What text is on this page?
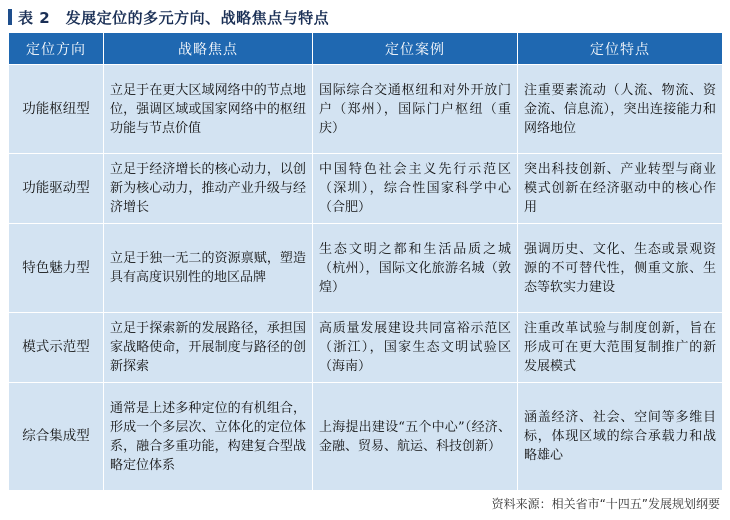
表 2　发展定位的多元方向、战略焦点与特点
定位方向	战略焦点	定位案例	定位特点
功能枢纽型	立足于在更大区域网络中的节点地位，强调区域或国家网络中的枢纽功能与节点价值	国际综合交通枢纽和对外开放门户（郑州），国际门户枢纽（重庆）	注重要素流动（人流、物流、资金流、信息流），突出连接能力和网络地位
功能驱动型	立足于经济增长的核心动力，以创新为核心动力，推动产业升级与经济增长	中国特色社会主义先行示范区（深圳），综合性国家科学中心（合肥）	突出科技创新、产业转型与商业模式创新在经济驱动中的核心作用
特色魅力型	立足于独一无二的资源禀赋，塑造具有高度识别性的地区品牌	生态文明之都和生活品质之城（杭州），国际文化旅游名城（敦煌）	强调历史、文化、生态或景观资源的不可替代性，侧重文旅、生态等软实力建设
模式示范型	立足于探索新的发展路径，承担国家战略使命，开展制度与路径的创新探索	高质量发展建设共同富裕示范区（浙江），国家生态文明试验区（海南）	注重改革试验与制度创新，旨在形成可在更大范围复制推广的新发展模式
综合集成型	通常是上述多种定位的有机组合，形成一个多层次、立体化的定位体系，融合多重功能，构建复合型战略定位体系	上海提出建设“五个中心”（经济、金融、贸易、航运、科技创新）	涵盖经济、社会、空间等多维目标，体现区域的综合承载力和战略雄心
资料来源：相关省市“十四五”发展规划纲要
